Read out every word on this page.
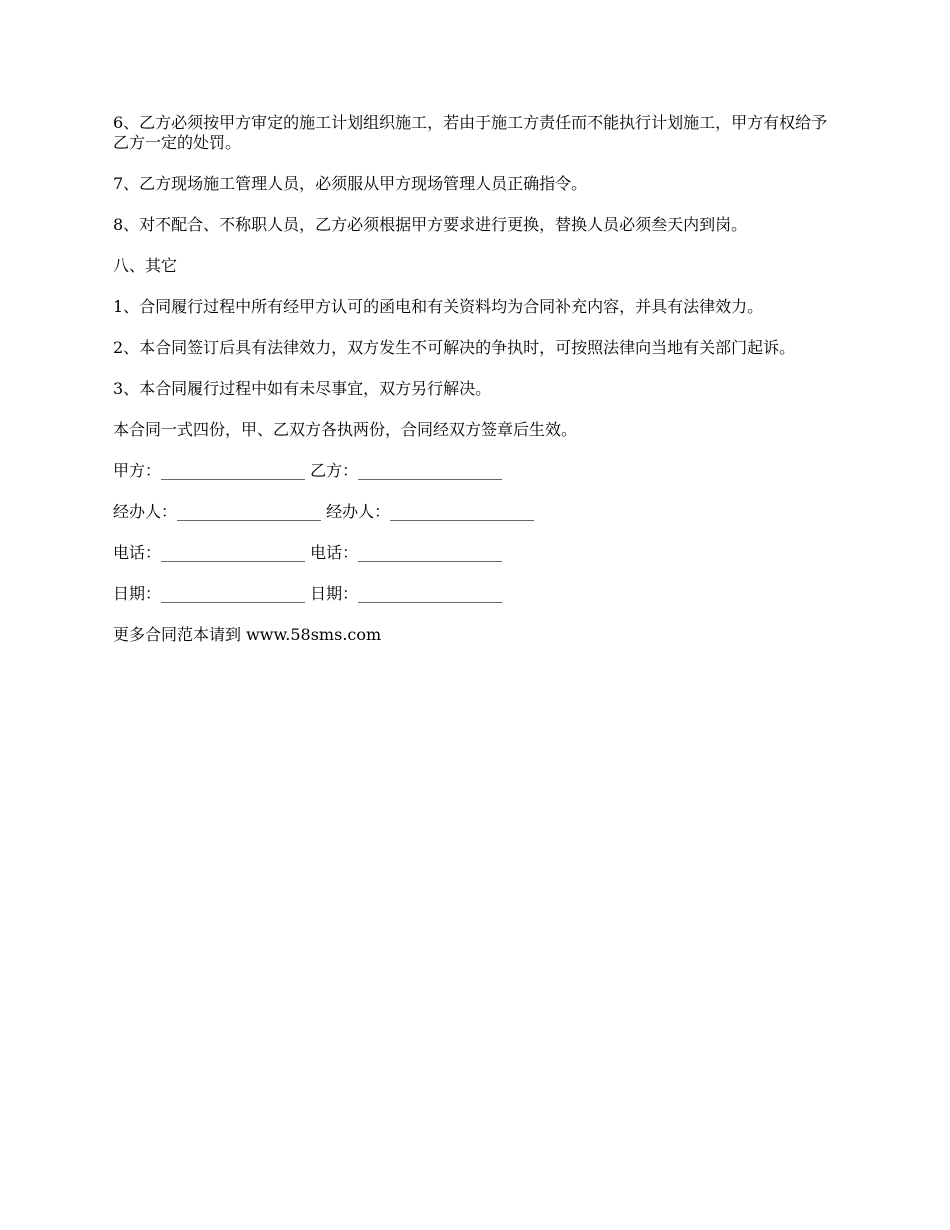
6、乙方必须按甲方审定的施工计划组织施工，若由于施工方责任而不能执行计划施工，甲方有权给予乙方一定的处罚。

7、乙方现场施工管理人员，必须服从甲方现场管理人员正确指令。

8、对不配合、不称职人员，乙方必须根据甲方要求进行更换，替换人员必须叁天内到岗。

八、其它

1、合同履行过程中所有经甲方认可的函电和有关资料均为合同补充内容，并具有法律效力。

2、本合同签订后具有法律效力，双方发生不可解决的争执时，可按照法律向当地有关部门起诉。

3、本合同履行过程中如有未尽事宜，双方另行解决。

本合同一式四份，甲、乙双方各执两份，合同经双方签章后生效。

甲方：__________________ 乙方：__________________

经办人：__________________ 经办人：__________________

电话：__________________ 电话：__________________

日期：__________________ 日期：__________________

更多合同范本请到 www.58sms.com
